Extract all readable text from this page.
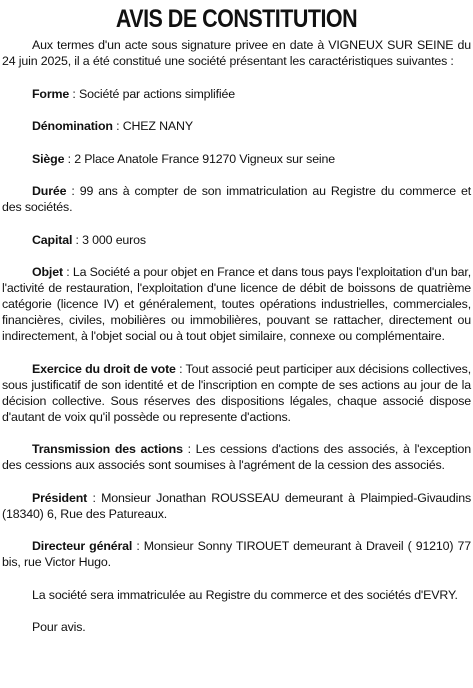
AVIS DE CONSTITUTION

Aux termes d'un acte sous signature privee en date à VIGNEUX SUR SEINE du 24 juin 2025, il a été constitué une société présentant les caractéristiques suivantes :

Forme : Société par actions simplifiée

Dénomination : CHEZ NANY

Siège : 2 Place Anatole France 91270 Vigneux sur seine

Durée : 99 ans à compter de son immatriculation au Registre du commerce et des sociétés.

Capital : 3 000 euros

Objet : La Société a pour objet en France et dans tous pays l'exploitation d'un bar, l'activité de restauration, l'exploitation d'une licence de débit de boissons de quatrième catégorie (licence IV) et généralement, toutes opérations industrielles, commerciales, financières, civiles, mobilières ou immobilières, pouvant se rattacher, directement ou indirectement, à l'objet social ou à tout objet similaire, connexe ou complémentaire.

Exercice du droit de vote : Tout associé peut participer aux décisions collectives, sous justificatif de son identité et de l'inscription en compte de ses actions au jour de la décision collective. Sous réserves des dispositions légales, chaque associé dispose d'autant de voix qu'il possède ou represente d'actions.

Transmission des actions : Les cessions d'actions des associés, à l'exception des cessions aux associés sont soumises à l'agrément de la cession des associés.

Président : Monsieur Jonathan ROUSSEAU demeurant à Plaimpied-Givaudins (18340) 6, Rue des Patureaux.

Directeur général : Monsieur Sonny TIROUET demeurant à Draveil ( 91210) 77 bis, rue Victor Hugo.

La société sera immatriculée au Registre du commerce et des sociétés d'EVRY.

Pour avis.
